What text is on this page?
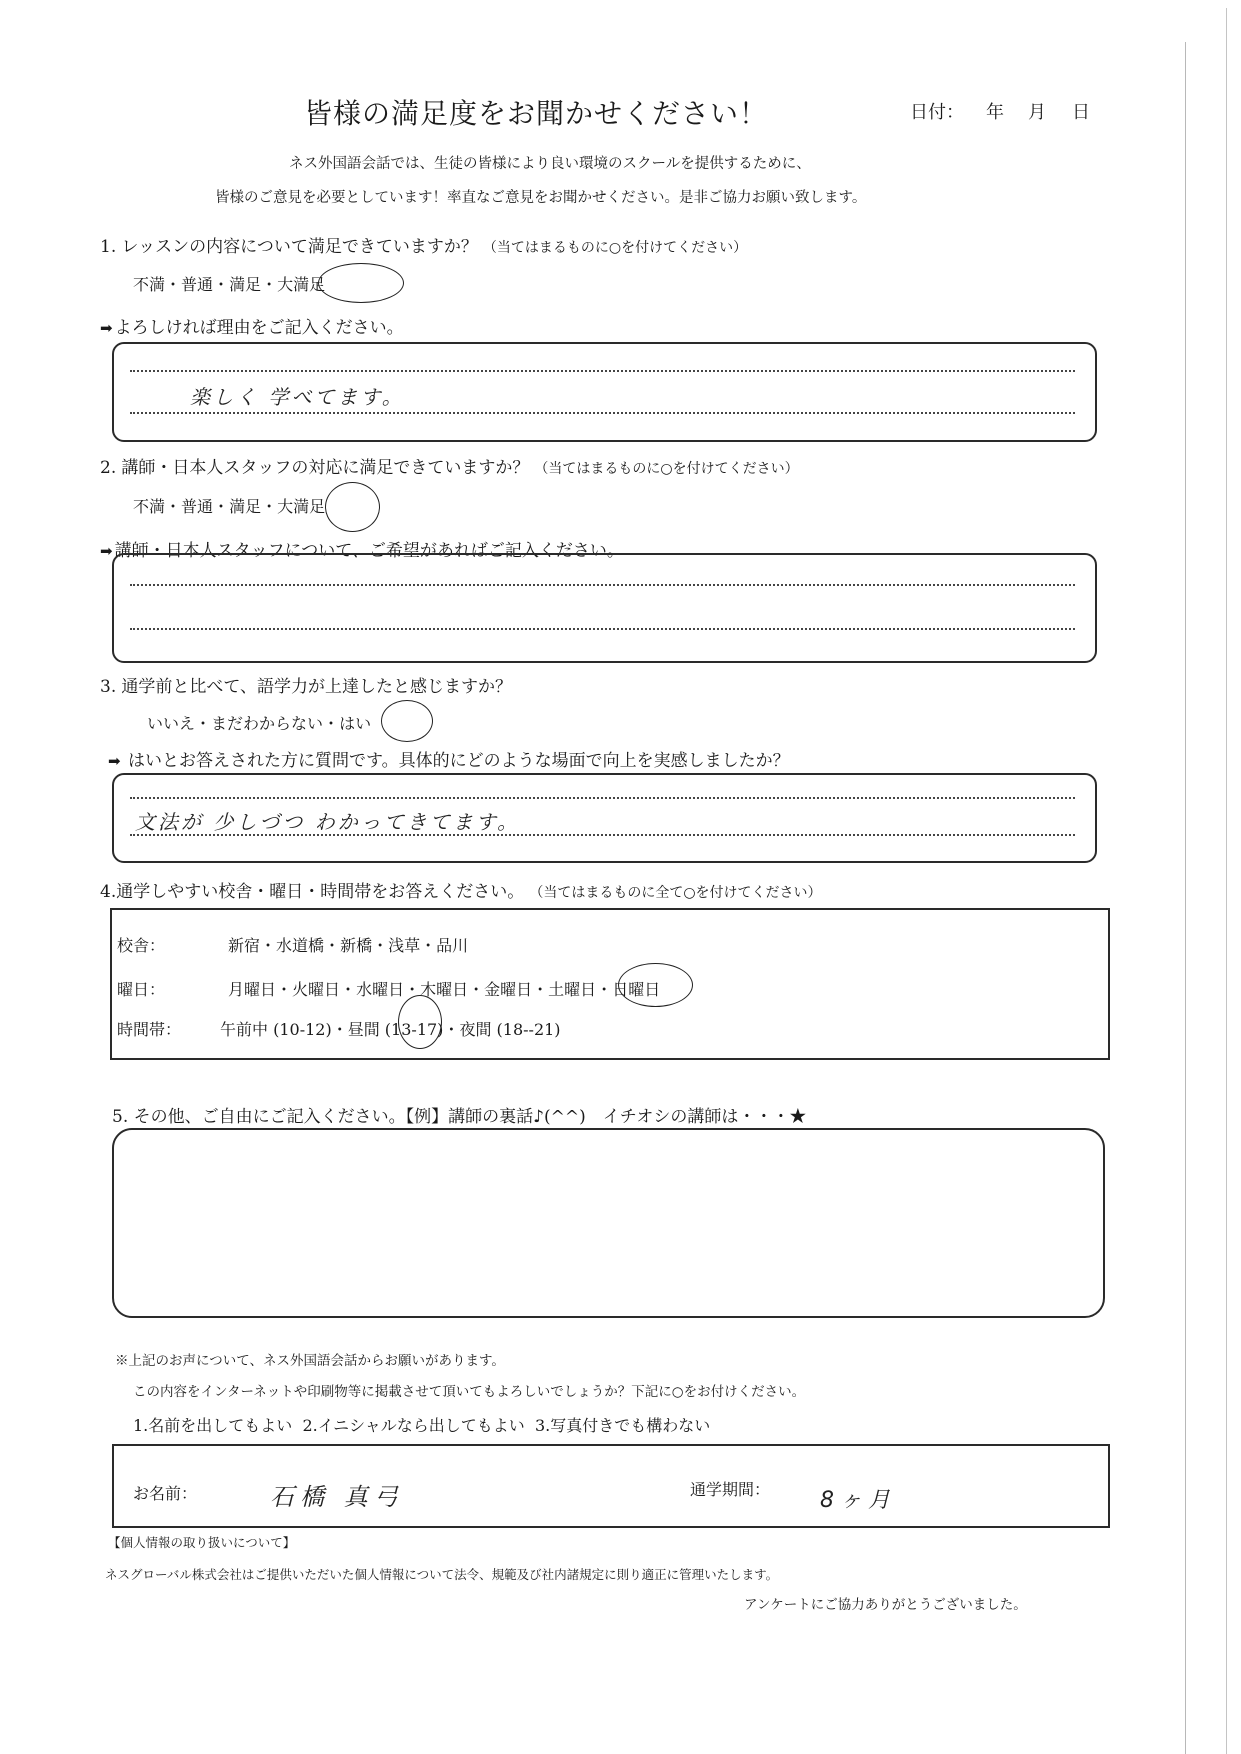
皆様の満足度をお聞かせください！	日付： 年 月 日
ネス外国語会話では、生徒の皆様により良い環境のスクールを提供するために、
皆様のご意見を必要としています！率直なご意見をお聞かせください。是非ご協力お願い致します。
1. レッスンの内容について満足できていますか？ （当てはまるものに○を付けてください）
不満・普通・満足・大満足
➡ よろしければ理由をご記入ください。
楽しく 学べてます。
2. 講師・日本人スタッフの対応に満足できていますか？ （当てはまるものに○を付けてください）
不満・普通・満足・大満足
➡ 講師・日本人スタッフについて、ご希望があればご記入ください。
3. 通学前と比べて、語学力が上達したと感じますか？
いいえ・まだわからない・はい
➡ はいとお答えされた方に質問です。具体的にどのような場面で向上を実感しましたか？
文法が 少しづつ わかってきてます。
4.通学しやすい校舎・曜日・時間帯をお答えください。 （当てはまるものに全て○を付けてください）
校舎：	新宿・水道橋・新橋・浅草・品川
曜日：	月曜日・火曜日・水曜日・木曜日・金曜日・土曜日・日曜日
時間帯： 午前中 (10-12)・昼間 (13-17)・夜間 (18--21)
5. その他、ご自由にご記入ください。【例】講師の裏話♪(^^)　イチオシの講師は・・・★
※上記のお声について、ネス外国語会話からお願いがあります。
この内容をインターネットや印刷物等に掲載させて頂いてもよろしいでしょうか？下記に○をお付けください。
1.名前を出してもよい 2.イニシャルなら出してもよい 3.写真付きでも構わない
お名前：	石橋 真弓	通学期間： 8ヶ月
【個人情報の取り扱いについて】
ネスグローバル株式会社はご提供いただいた個人情報について法令、規範及び社内諸規定に則り適正に管理いたします。
アンケートにご協力ありがとうございました。
